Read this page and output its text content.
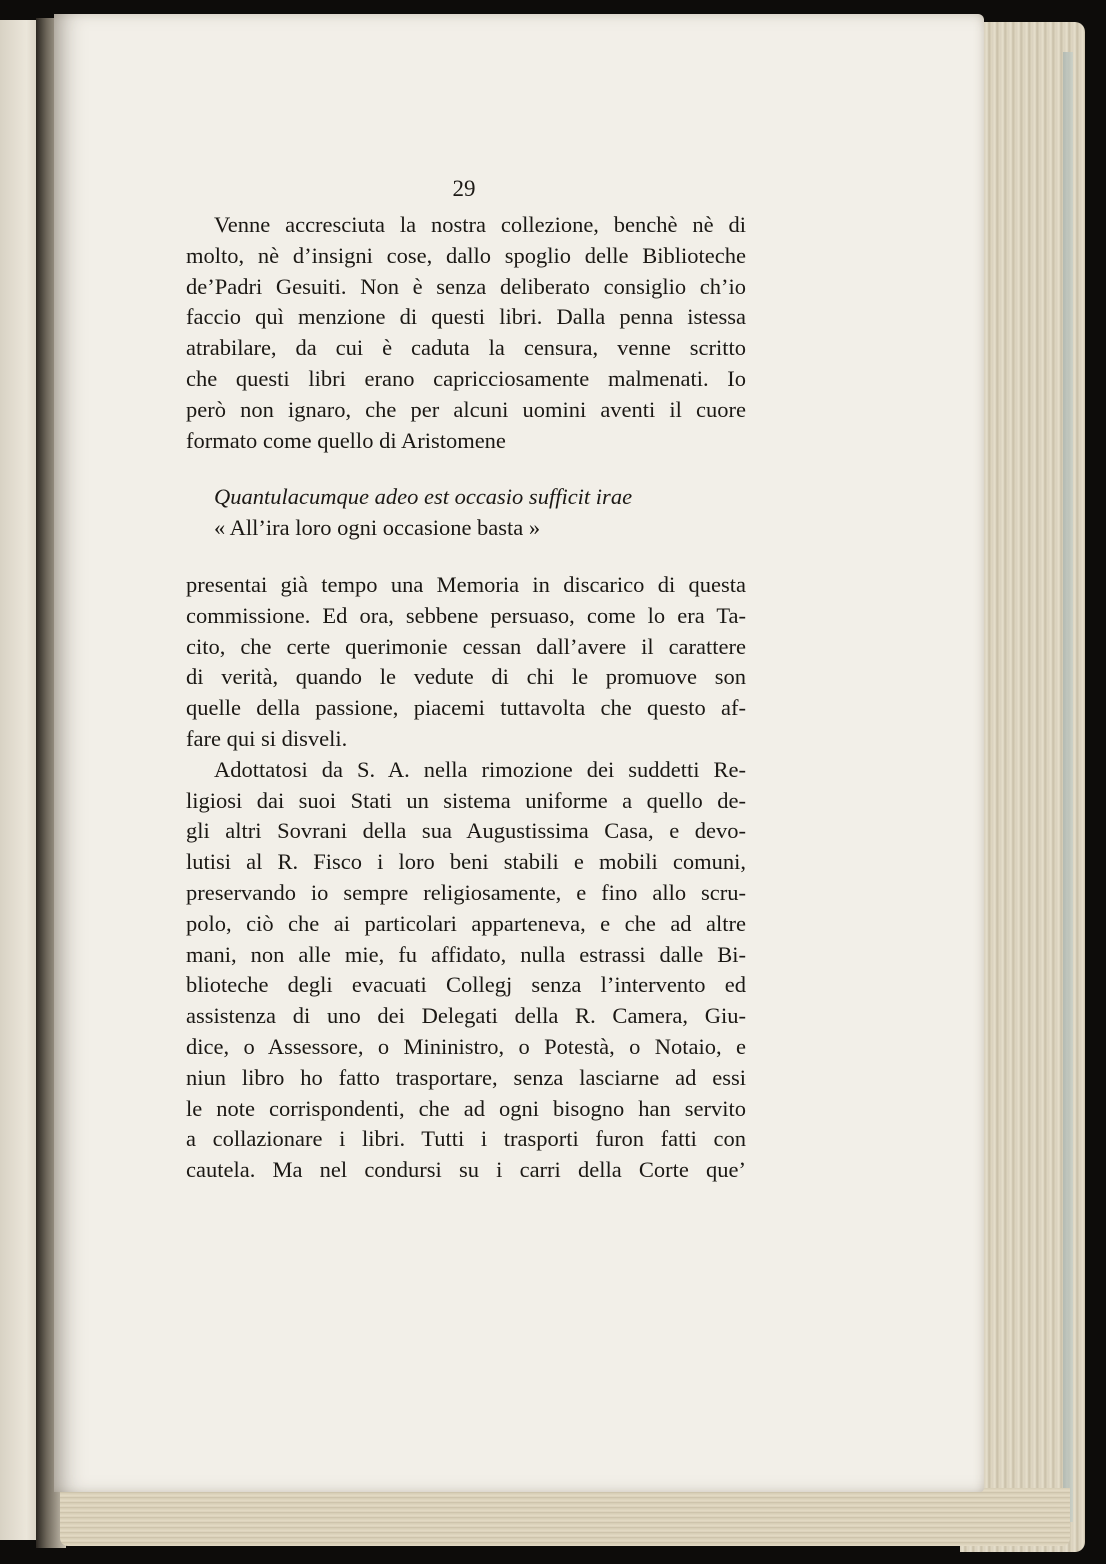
29
Venne accresciuta la nostra collezione, benchè nè di
molto, nè d’insigni cose, dallo spoglio delle Biblioteche
de’Padri Gesuiti. Non è senza deliberato consiglio ch’io
faccio quì menzione di questi libri. Dalla penna istessa
atrabilare, da cui è caduta la censura, venne scritto
che questi libri erano capricciosamente malmenati. Io
però non ignaro, che per alcuni uomini aventi il cuore
formato come quello di Aristomene
Quantulacumque adeo est occasio sufficit irae
« All’ira loro ogni occasione basta »
presentai già tempo una Memoria in discarico di questa
commissione. Ed ora, sebbene persuaso, come lo era Ta-
cito, che certe querimonie cessan dall’avere il carattere
di verità, quando le vedute di chi le promuove son
quelle della passione, piacemi tuttavolta che questo af-
fare qui si disveli.
Adottatosi da S. A. nella rimozione dei suddetti Re-
ligiosi dai suoi Stati un sistema uniforme a quello de-
gli altri Sovrani della sua Augustissima Casa, e devo-
lutisi al R. Fisco i loro beni stabili e mobili comuni,
preservando io sempre religiosamente, e fino allo scru-
polo, ciò che ai particolari apparteneva, e che ad altre
mani, non alle mie, fu affidato, nulla estrassi dalle Bi-
blioteche degli evacuati Collegj senza l’intervento ed
assistenza di uno dei Delegati della R. Camera, Giu-
dice, o Assessore, o Mininistro, o Potestà, o Notaio, e
niun libro ho fatto trasportare, senza lasciarne ad essi
le note corrispondenti, che ad ogni bisogno han servito
a collazionare i libri. Tutti i trasporti furon fatti con
cautela. Ma nel condursi su i carri della Corte que’
